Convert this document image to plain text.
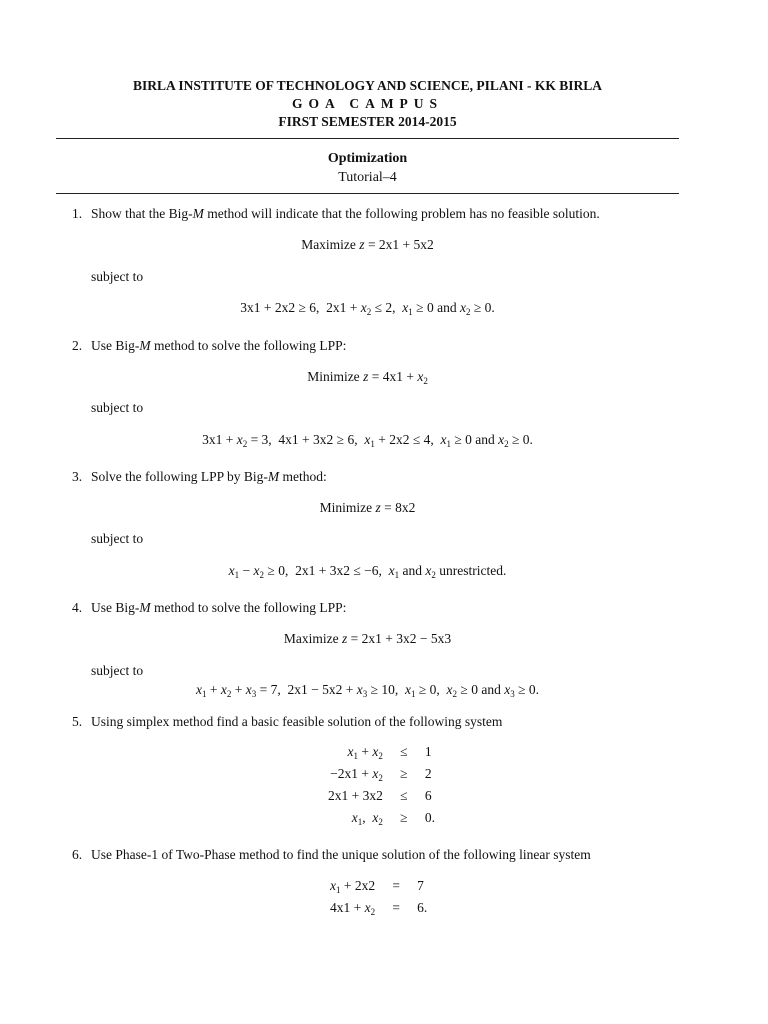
BIRLA INSTITUTE OF TECHNOLOGY AND SCIENCE, PILANI - KK BIRLA
GOA CAMPUS
FIRST SEMESTER 2014-2015
Optimization
Tutorial–4
1. Show that the Big-M method will indicate that the following problem has no feasible solution.
Maximize z = 2x1 + 5x2
subject to
3x1 + 2x2 ≥ 6,  $2x1 + x_2 \le 2$,  $x_1 \ge 0$ and $x_2 \ge 0$.
2. Use Big-M method to solve the following LPP:
Minimize $z = 4x1 + x_2$
subject to
$3x1 + x_2 = 3$,  4x1 + 3x2 ≥ 6,  $x_1 + 2x2 \le 4$,  $x_1 \ge 0$ and $x_2 \ge 0$.
3. Solve the following LPP by Big-M method:
Minimize z = 8x2
subject to
$x_1 - x_2 \ge 0$,  2x1 + 3x2 ≤ −6,  $x_1$ and $x_2$ unrestricted.
4. Use Big-M method to solve the following LPP:
Maximize z = 2x1 + 3x2 − 5x3
subject to
$x_1 + x_2 + x_3 = 7$,  $2x1 - 5x2 + x_3 \ge 10$,  $x_1 \ge 0$,  $x_2 \ge 0$ and $x_3 \ge 0$.
5. Using simplex method find a basic feasible solution of the following system
$x_1 + x_2$	≤	1
$-2x1 + x_2$	≥	2
2x1 + 3x2	≤	6
$x_1$,  $x_2$	≥	0.
6. Use Phase-1 of Two-Phase method to find the unique solution of the following linear system
$x_1 + 2x2$	=	7
$4x1 + x_2$	=	6.
